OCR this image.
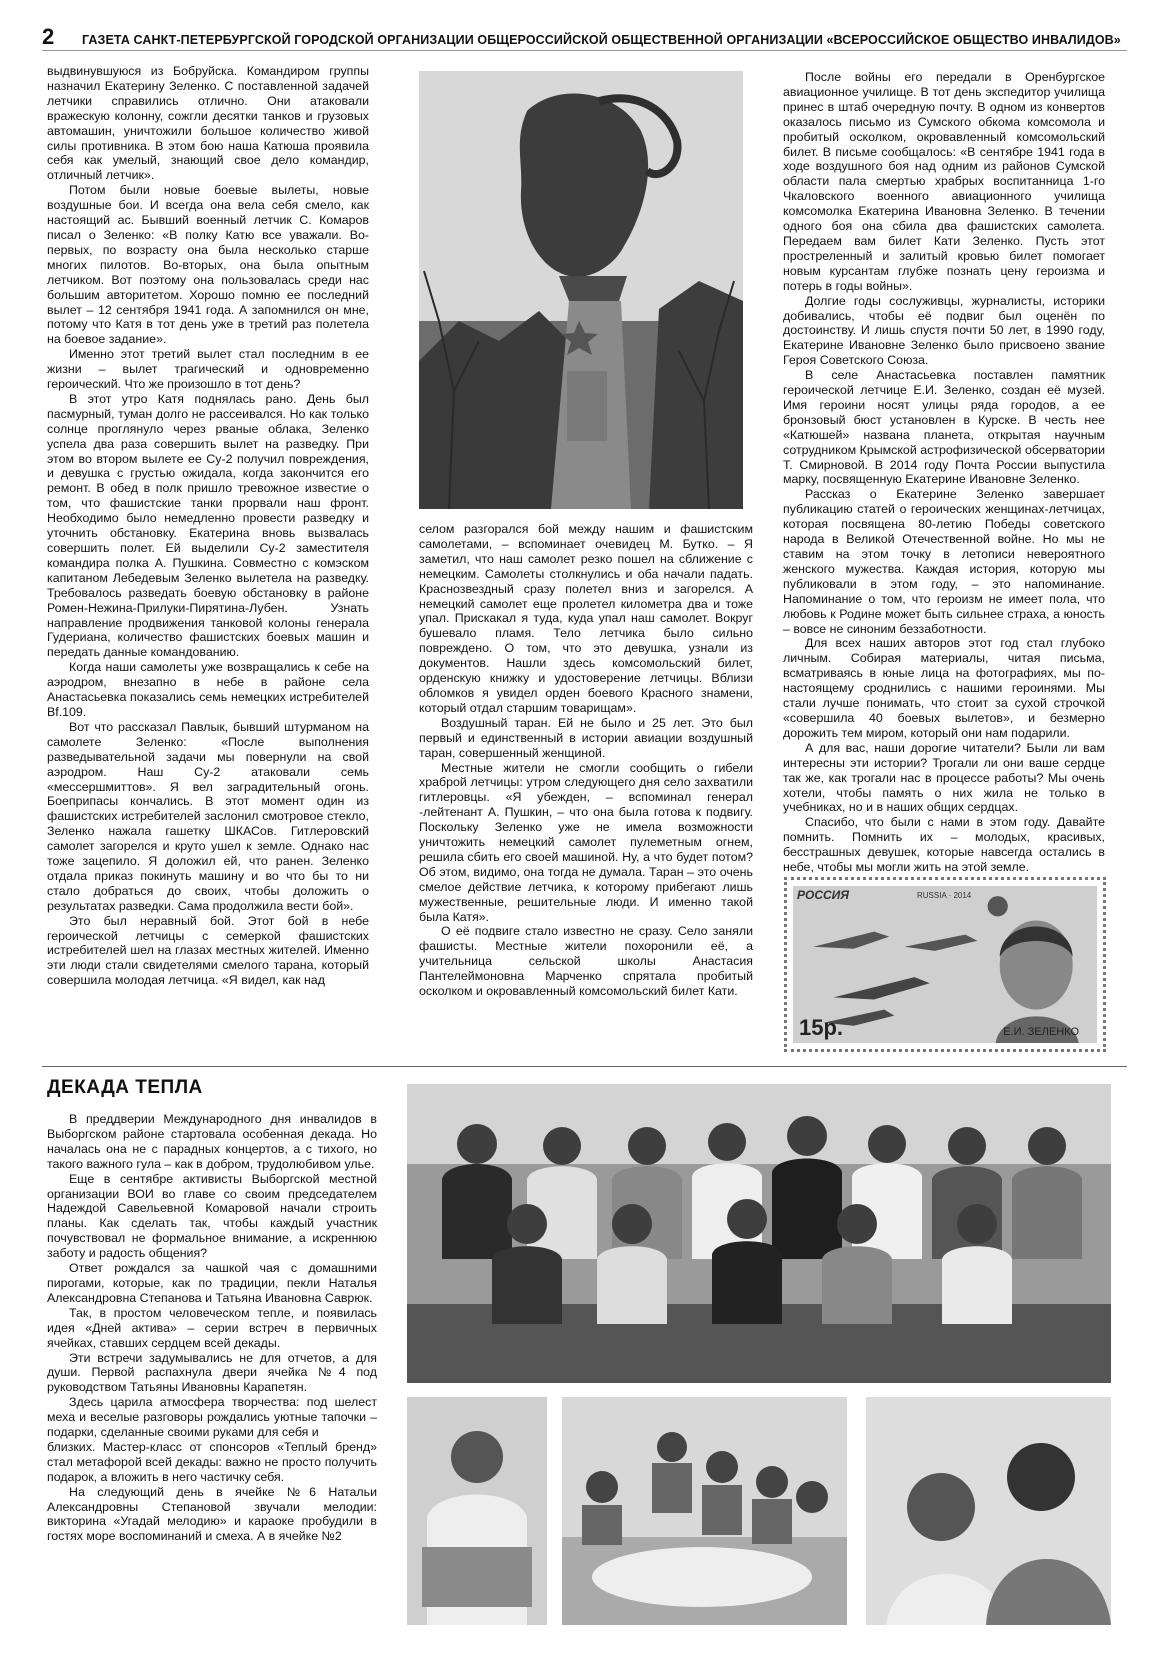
2	ГАЗЕТА САНКТ-ПЕТЕРБУРГСКОЙ ГОРОДСКОЙ ОРГАНИЗАЦИИ ОБЩЕРОССИЙСКОЙ ОБЩЕСТВЕННОЙ ОРГАНИЗАЦИИ «ВСЕРОССИЙСКОЕ ОБЩЕСТВО ИНВАЛИДОВ»

выдвинувшуюся из Бобруйска. Командиром группы назначил Екатерину Зеленко. С поставленной задачей летчики справились отлично. Они атаковали вражескую колонну, сожгли десятки танков и грузовых автомашин, уничтожили большое количество живой силы противника. В этом бою наша Катюша проявила себя как умелый, знающий свое дело командир, отличный летчик».

Потом были новые боевые вылеты, новые воздушные бои. И всегда она вела себя смело, как настоящий ас. Бывший военный летчик С. Комаров писал о Зеленко: «В полку Катю все уважали. Во-первых, по возрасту она была несколько старше многих пилотов. Во-вторых, она была опытным летчиком. Вот поэтому она пользовалась среди нас большим авторитетом. Хорошо помню ее последний вылет – 12 сентября 1941 года. А запомнился он мне, потому что Катя в тот день уже в третий раз полетела на боевое задание».

Именно этот третий вылет стал последним в ее жизни – вылет трагический и одновременно героический. Что же произошло в тот день?

В этот утро Катя поднялась рано. День был пасмурный, туман долго не рассеивался. Но как только солнце проглянуло через рваные облака, Зеленко успела два раза совершить вылет на разведку. При этом во втором вылете ее Су-2 получил повреждения, и девушка с грустью ожидала, когда закончится его ремонт. В обед в полк пришло тревожное известие о том, что фашистские танки прорвали наш фронт. Необходимо было немедленно провести разведку и уточнить обстановку. Екатерина вновь вызвалась совершить полет. Ей выделили Су-2 заместителя командира полка А. Пушкина. Совместно с комэском капитаном Лебедевым Зеленко вылетела на разведку. Требовалось разведать боевую обстановку в районе Ромен-Нежина-Прилуки-Пирятина-Лубен. Узнать направление продвижения танковой колоны генерала Гудериана, количество фашистских боевых машин и передать данные командованию.

Когда наши самолеты уже возвращались к себе на аэродром, внезапно в небе в районе села Анастасьевка показались семь немецких истребителей Bf.109.

Вот что рассказал Павлык, бывший штурманом на самолете Зеленко: «После выполнения разведывательной задачи мы повернули на свой аэродром. Наш Су-2 атаковали семь «мессершмиттов». Я вел заградительный огонь. Боеприпасы кончались. В этот момент один из фашистских истребителей заслонил смотровое стекло, Зеленко нажала гашетку ШКАСов. Гитлеровский самолет загорелся и круто ушел к земле. Однако нас тоже зацепило. Я доложил ей, что ранен. Зеленко отдала приказ покинуть машину и во что бы то ни стало добраться до своих, чтобы доложить о результатах разведки. Сама продолжила вести бой».

Это был неравный бой. Этот бой в небе героической летчицы с семеркой фашистских истребителей шел на глазах местных жителей. Именно эти люди стали свидетелями смелого тарана, который совершила молодая летчица. «Я видел, как над

селом разгорался бой между нашим и фашистским самолетами, – вспоминает очевидец М. Бутко. – Я заметил, что наш самолет резко пошел на сближение с немецким. Самолеты столкнулись и оба начали падать. Краснозвездный сразу полетел вниз и загорелся. А немецкий самолет еще пролетел километра два и тоже упал. Прискакал я туда, куда упал наш самолет. Вокруг бушевало пламя. Тело летчика было сильно повреждено. О том, что это девушка, узнали из документов. Нашли здесь комсомольский билет, орденскую книжку и удостоверение летчицы. Вблизи обломков я увидел орден боевого Красного знамени, который отдал старшим товарищам».

Воздушный таран. Ей не было и 25 лет. Это был первый и единственный в истории авиации воздушный таран, совершенный женщиной.

Местные жители не смогли сообщить о гибели храброй летчицы: утром следующего дня село захватили гитлеровцы. «Я убежден, – вспоминал генерал -лейтенант А. Пушкин, – что она была готова к подвигу. Поскольку Зеленко уже не имела возможности уничтожить немецкий самолет пулеметным огнем, решила сбить его своей машиной. Ну, а что будет потом? Об этом, видимо, она тогда не думала. Таран – это очень смелое действие летчика, к которому прибегают лишь мужественные, решительные люди. И именно такой была Катя».

О её подвиге стало известно не сразу. Село заняли фашисты. Местные жители похоронили её, а учительница сельской школы Анастасия Пантелеймоновна Марченко спрятала пробитый осколком и окровавленный комсомольский билет Кати.

После войны его передали в Оренбургское авиационное училище. В тот день экспедитор училища принес в штаб очередную почту. В одном из конвертов оказалось письмо из Сумского обкома комсомола и пробитый осколком, окровавленный комсомольский билет. В письме сообщалось: «В сентябре 1941 года в ходе воздушного боя над одним из районов Сумской области пала смертью храбрых воспитанница 1-го Чкаловского военного авиационного училища комсомолка Екатерина Ивановна Зеленко. В течении одного боя она сбила два фашистских самолета. Передаем вам билет Кати Зеленко. Пусть этот простреленный и залитый кровью билет помогает новым курсантам глубже познать цену героизма и потерь в годы войны».

Долгие годы сослуживцы, журналисты, историки добивались, чтобы её подвиг был оценён по достоинству. И лишь спустя почти 50 лет, в 1990 году, Екатерине Ивановне Зеленко было присвоено звание Героя Советского Союза.

В селе Анастасьевка поставлен памятник героической летчице Е.И. Зеленко, создан её музей. Имя героини носят улицы ряда городов, а ее бронзовый бюст установлен в Курске. В честь нее «Катюшей» названа планета, открытая научным сотрудником Крымской астрофизической обсерватории Т. Смирновой. В 2014 году Почта России выпустила марку, посвященную Екатерине Ивановне Зеленко.

Рассказ о Екатерине Зеленко завершает публикацию статей о героических женщинах-летчицах, которая посвящена 80-летию Победы советского народа в Великой Отечественной войне. Но мы не ставим на этом точку в летописи невероятного женского мужества. Каждая история, которую мы публиковали в этом году, – это напоминание. Напоминание о том, что героизм не имеет пола, что любовь к Родине может быть сильнее страха, а юность – вовсе не синоним беззаботности.

Для всех наших авторов этот год стал глубоко личным. Собирая материалы, читая письма, всматриваясь в юные лица на фотографиях, мы по-настоящему сроднились с нашими героинями. Мы стали лучше понимать, что стоит за сухой строчкой «совершила 40 боевых вылетов», и безмерно дорожить тем миром, который они нам подарили.

А для вас, наши дорогие читатели? Были ли вам интересны эти истории? Трогали ли они ваше сердце так же, как трогали нас в процессе работы? Мы очень хотели, чтобы память о них жила не только в учебниках, но и в наших общих сердцах.

Спасибо, что были с нами в этом году. Давайте помнить. Помнить их – молодых, красивых, бесстрашных девушек, которые навсегда остались в небе, чтобы мы могли жить на этой земле.

РОССИЯ	RUSSIA · 2014
15р.	Е.И. ЗЕЛЕНКО
ДЕКАДА ТЕПЛА

В преддверии Международного дня инвалидов в Выборгском районе стартовала особенная декада. Но началась она не с парадных концертов, а с тихого, но такого важного гула – как в добром, трудолюбивом улье.

Еще в сентябре активисты Выборгской местной организации ВОИ во главе со своим председателем Надеждой Савельевной Комаровой начали строить планы. Как сделать так, чтобы каждый участник почувствовал не формальное внимание, а искреннюю заботу и радость общения?

Ответ рождался за чашкой чая с домашними пирогами, которые, как по традиции, пекли Наталья Александровна Степанова и Татьяна Ивановна Саврюк.

Так, в простом человеческом тепле, и появилась идея «Дней актива» – серии встреч в первичных ячейках, ставших сердцем всей декады.

Эти встречи задумывались не для отчетов, а для души. Первой распахнула двери ячейка №4 под руководством Татьяны Ивановны Карапетян.

Здесь царила атмосфера творчества: под шелест меха и веселые разговоры рождались уютные тапочки – подарки, сделанные своими руками для себя и

близких. Мастер-класс от спонсоров «Теплый бренд» стал метафорой всей декады: важно не просто получить подарок, а вложить в него частичку себя.

На следующий день в ячейке №6 Натальи Александровны Степановой звучали мелодии: викторина «Угадай мелодию» и караоке пробудили в гостях море воспоминаний и смеха. А в ячейке №2
